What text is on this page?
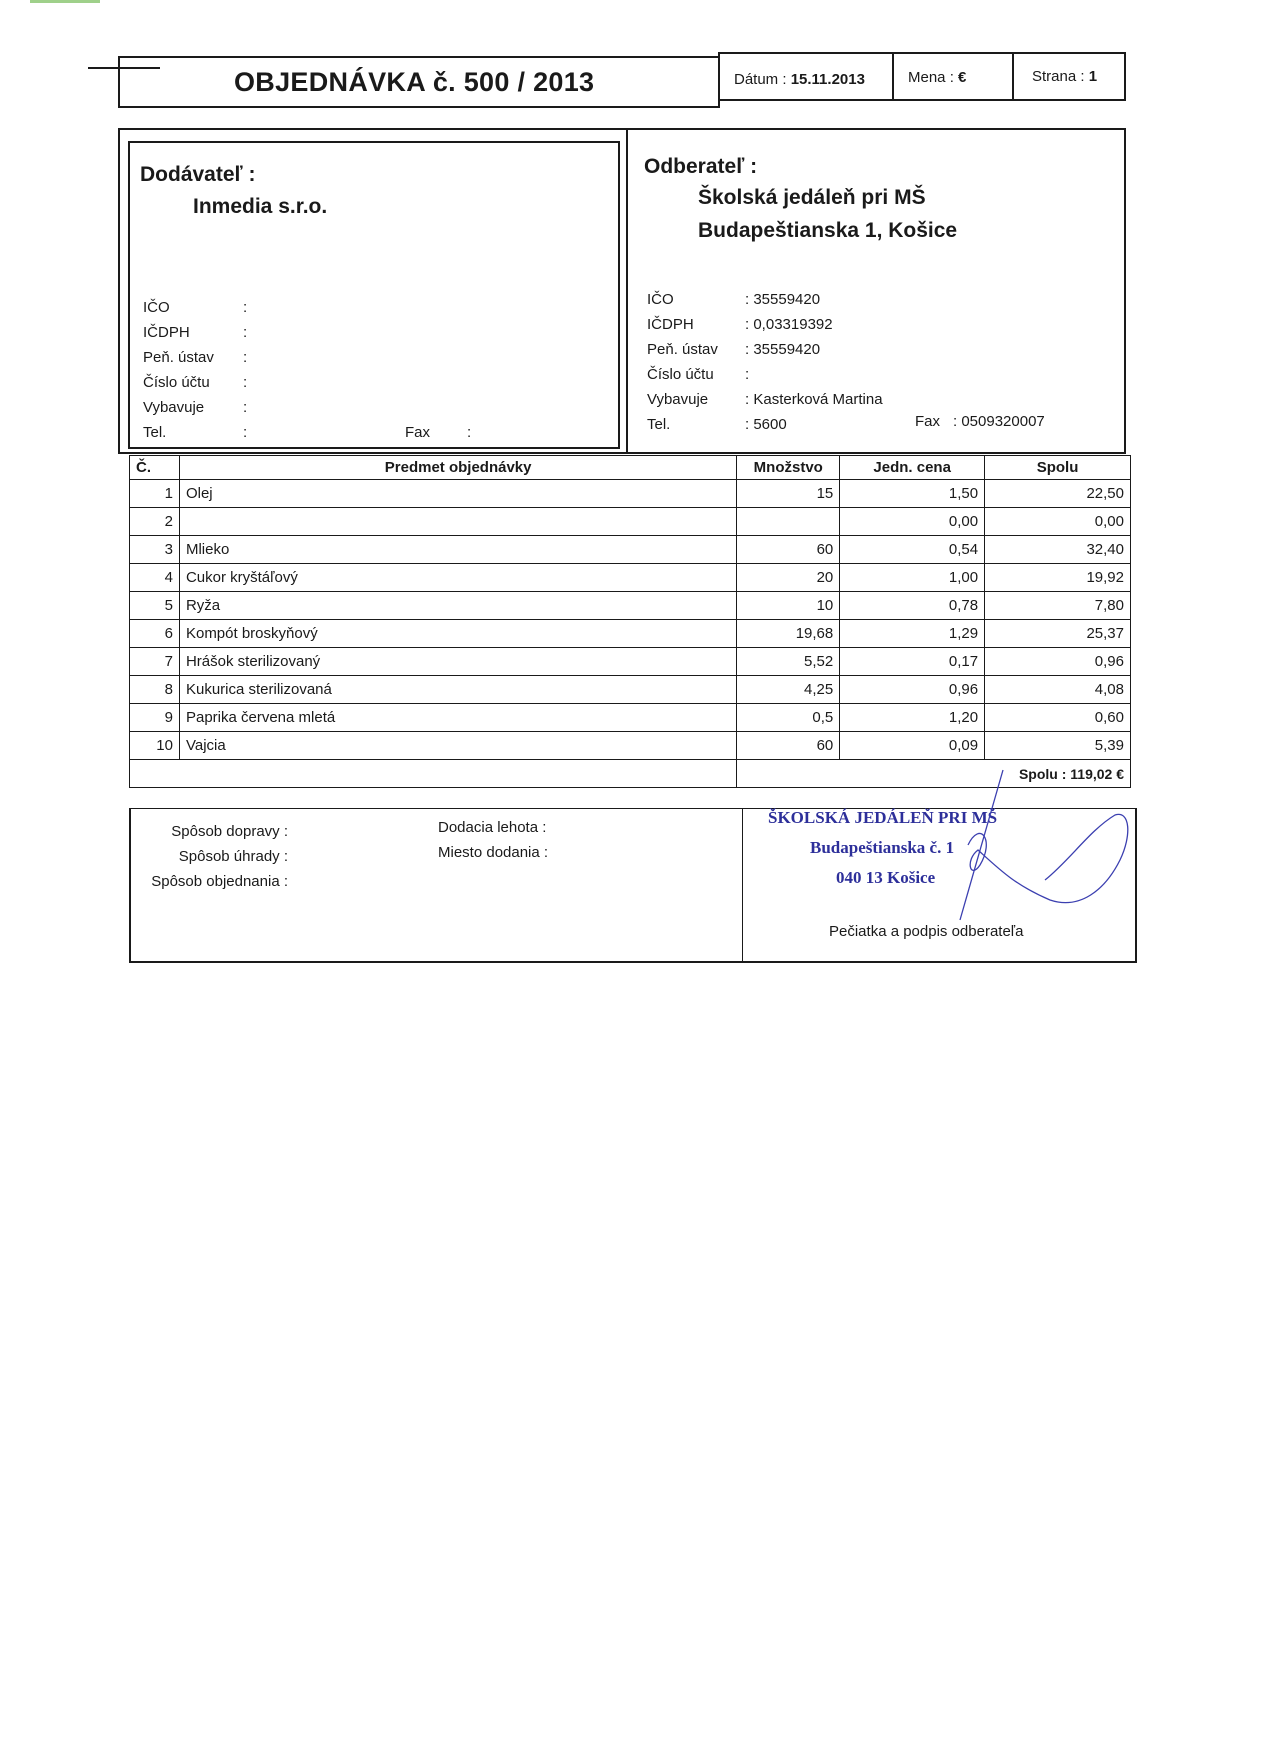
OBJEDNÁVKA č. 500 / 2013	Dátum : 15.11.2013	Mena : €	Strana : 1
Dodávateľ :
Inmedia s.r.o.
IČO	:
IČDPH	:
Peň. ústav :
Číslo účtu :
Vybavuje	:
Tel.	:	Fax :
Odberateľ :
Školská jedáleň pri MŠ
Budapeštianska 1, Košice
IČO	: 35559420
IČDPH	: 0,03319392
Peň. ústav : 35559420
Číslo účtu :
Vybavuje : Kasterková Martina
Tel.	: 5600	Fax : 0509320007
Č.	Predmet objednávky	Množstvo	Jedn. cena	Spolu
1	Olej	15	1,50	22,50
2			0,00	0,00
3	Mlieko	60	0,54	32,40
4	Cukor kryštáľový	20	1,00	19,92
5	Ryža	10	0,78	7,80
6	Kompót broskyňový	19,68	1,29	25,37
7	Hrášok sterilizovaný	5,52	0,17	0,96
8	Kukurica sterilizovaná	4,25	0,96	4,08
9	Paprika červena mletá	0,5	1,20	0,60
10	Vajcia	60	0,09	5,39
		Spolu : 119,02 €		
Spôsob dopravy :
Spôsob úhrady :
Spôsob objednania :
Dodacia lehota :
Miesto dodania :
ŠKOLSKÁ JEDÁLEŇ PRI MŠ
Budapeštianska č. 1
040 13 Košice
Pečiatka a podpis odberateľa
